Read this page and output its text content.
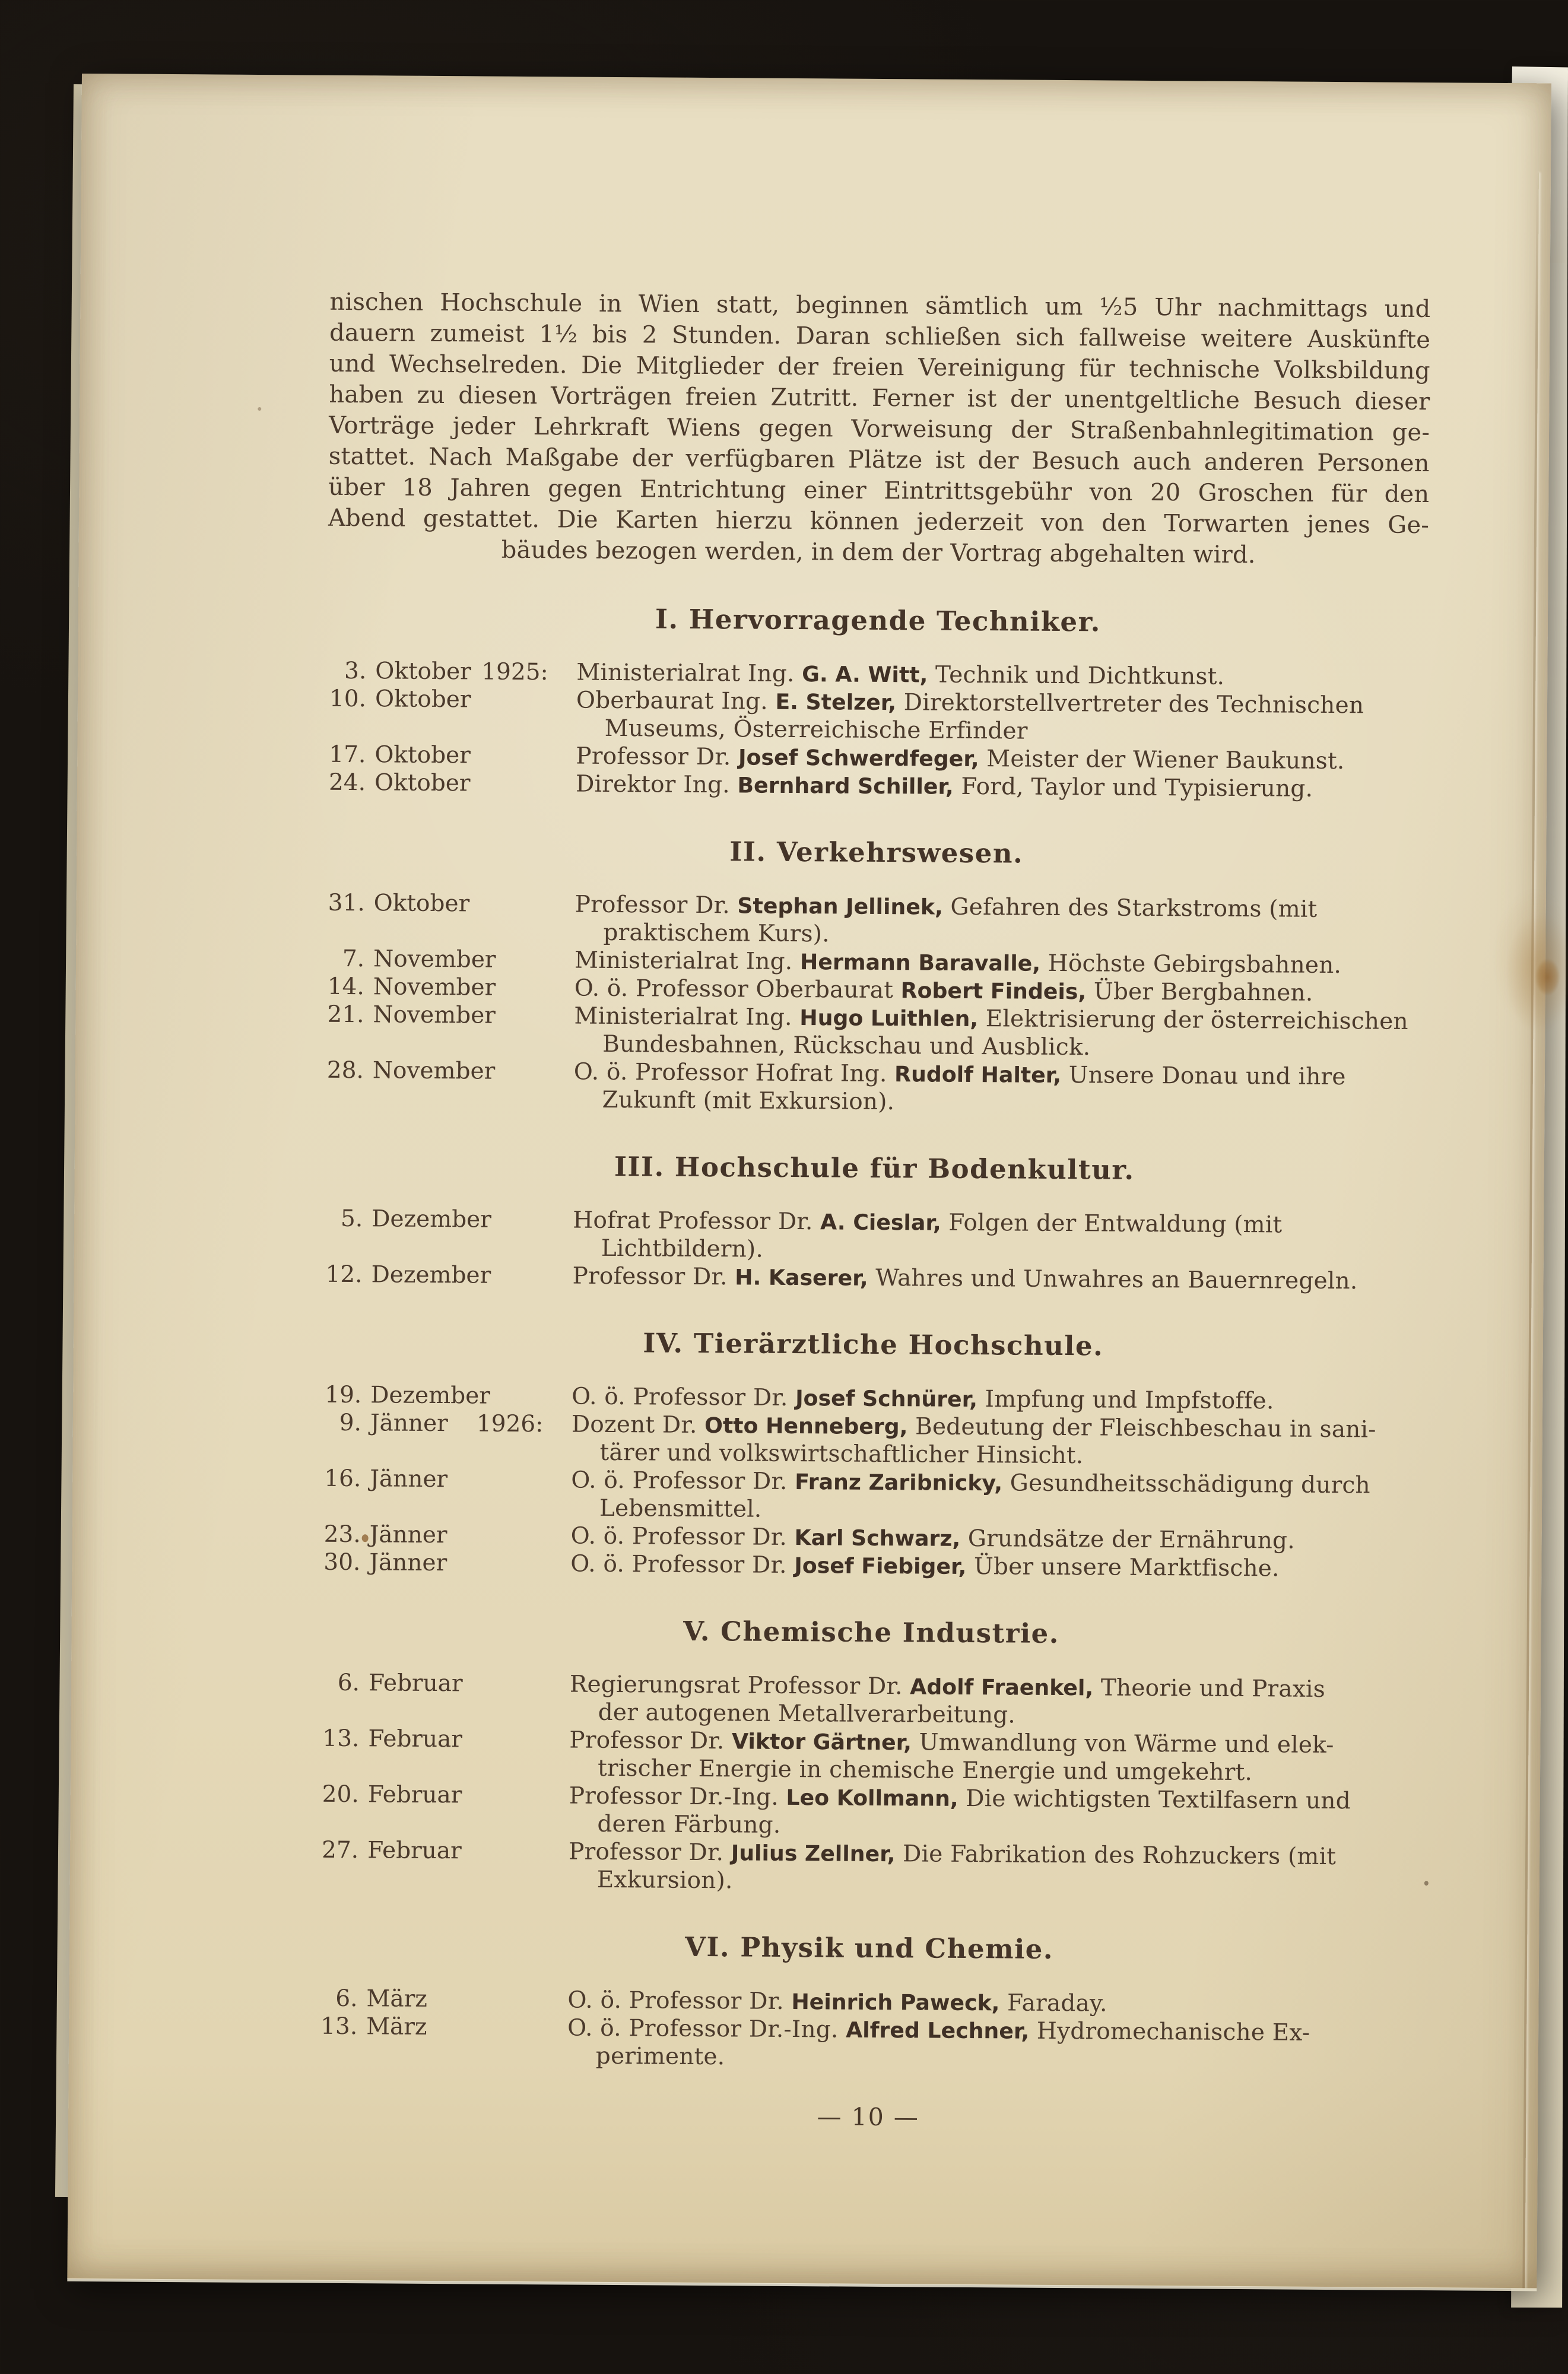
nischen Hochschule in Wien statt, beginnen sämtlich um ¹⁄₂5 Uhr nachmittags und
dauern zumeist 1¹⁄₂ bis 2 Stunden. Daran schließen sich fallweise weitere Auskünfte
und Wechselreden. Die Mitglieder der freien Vereinigung für technische Volksbildung
haben zu diesen Vorträgen freien Zutritt. Ferner ist der unentgeltliche Besuch dieser
Vorträge jeder Lehrkraft Wiens gegen Vorweisung der Straßenbahnlegitimation ge-
stattet. Nach Maßgabe der verfügbaren Plätze ist der Besuch auch anderen Personen
über 18 Jahren gegen Entrichtung einer Eintrittsgebühr von 20 Groschen für den
Abend gestattet. Die Karten hierzu können jederzeit von den Torwarten jenes Ge-
bäudes bezogen werden, in dem der Vortrag abgehalten wird.
I. Hervorragende Techniker.
3. Oktober 1925: Ministerialrat Ing. G. A. Witt, Technik und Dichtkunst.
10. Oktober	Oberbaurat Ing. E. Stelzer, Direktorstellvertreter des Technischen
Museums, Österreichische Erfinder
17. Oktober	Professor Dr. Josef Schwerdfeger, Meister der Wiener Baukunst.
24. Oktober	Direktor Ing. Bernhard Schiller, Ford, Taylor und Typisierung.
II. Verkehrswesen.
31. Oktober	Professor Dr. Stephan Jellinek, Gefahren des Starkstroms (mit
praktischem Kurs).
7. November	Ministerialrat Ing. Hermann Baravalle, Höchste Gebirgsbahnen.
14. November	O. ö. Professor Oberbaurat Robert Findeis, Über Bergbahnen.
21. November	Ministerialrat Ing. Hugo Luithlen, Elektrisierung der österreichischen
Bundesbahnen, Rückschau und Ausblick.
28. November	O. ö. Professor Hofrat Ing. Rudolf Halter, Unsere Donau und ihre
Zukunft (mit Exkursion).
III. Hochschule für Bodenkultur.
5. Dezember	Hofrat Professor Dr. A. Cieslar, Folgen der Entwaldung (mit
Lichtbildern).
12. Dezember	Professor Dr. H. Kaserer, Wahres und Unwahres an Bauernregeln.
IV. Tierärztliche Hochschule.
19. Dezember	O. ö. Professor Dr. Josef Schnürer, Impfung und Impfstoffe.
9. Jänner 1926: Dozent Dr. Otto Henneberg, Bedeutung der Fleischbeschau in sani-
tärer und volkswirtschaftlicher Hinsicht.
16. Jänner	O. ö. Professor Dr. Franz Zaribnicky, Gesundheitsschädigung durch
Lebensmittel.
23. Jänner	O. ö. Professor Dr. Karl Schwarz, Grundsätze der Ernährung.
30. Jänner	O. ö. Professor Dr. Josef Fiebiger, Über unsere Marktfische.
V. Chemische Industrie.
6. Februar	Regierungsrat Professor Dr. Adolf Fraenkel, Theorie und Praxis
der autogenen Metallverarbeitung.
13. Februar	Professor Dr. Viktor Gärtner, Umwandlung von Wärme und elek-
trischer Energie in chemische Energie und umgekehrt.
20. Februar	Professor Dr.-Ing. Leo Kollmann, Die wichtigsten Textilfasern und
deren Färbung.
27. Februar	Professor Dr. Julius Zellner, Die Fabrikation des Rohzuckers (mit
Exkursion).
VI. Physik und Chemie.
6. März	O. ö. Professor Dr. Heinrich Paweck, Faraday.
13. März	O. ö. Professor Dr.-Ing. Alfred Lechner, Hydromechanische Ex-
perimente.
— 10 —
